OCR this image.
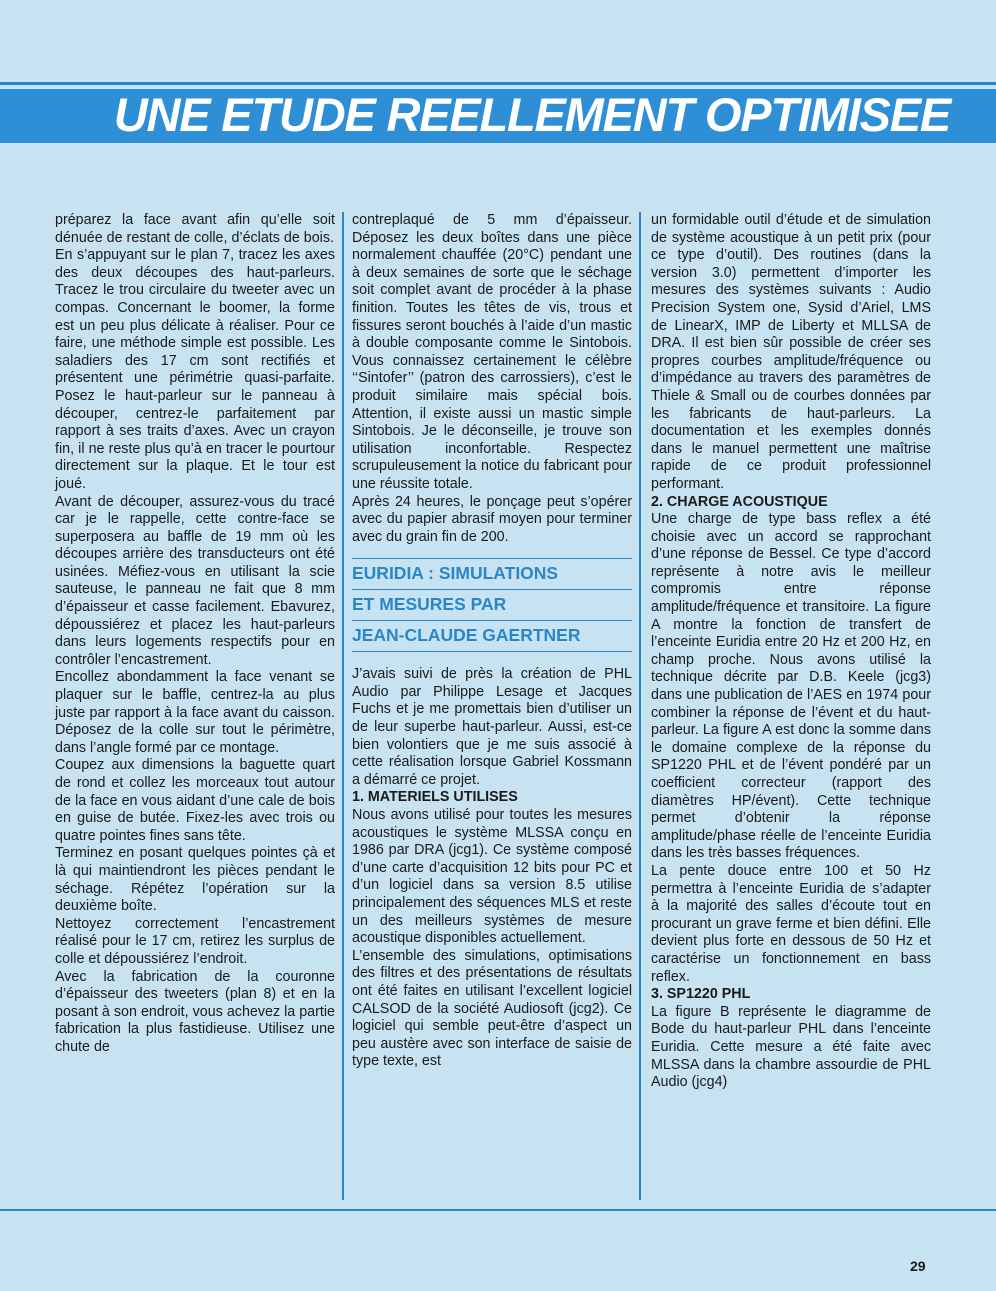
UNE ETUDE REELLEMENT OPTIMISEE

préparez la face avant afin qu’elle soit dénuée de restant de colle, d’éclats de bois.

En s’appuyant sur le plan 7, tracez les axes des deux découpes des haut-parleurs. Tracez le trou circulaire du tweeter avec un compas. Concernant le boomer, la forme est un peu plus délicate à réaliser. Pour ce faire, une méthode simple est possible. Les saladiers des 17 cm sont rectifiés et présentent une périmétrie quasi-parfaite. Posez le haut-parleur sur le panneau à découper, centrez-le parfaitement par rapport à ses traits d’axes. Avec un crayon fin, il ne reste plus qu’à en tracer le pourtour directement sur la plaque. Et le tour est joué.

Avant de découper, assurez-vous du tracé car je le rappelle, cette contre-face se superposera au baffle de 19 mm où les découpes arrière des transducteurs ont été usinées. Méfiez-vous en utilisant la scie sauteuse, le panneau ne fait que 8 mm d’épaisseur et casse facilement. Ebavurez, dépoussiérez et placez les haut-parleurs dans leurs logements respectifs pour en contrôler l’encastrement.

Encollez abondamment la face venant se plaquer sur le baffle, centrez-la au plus juste par rapport à la face avant du caisson. Déposez de la colle sur tout le périmètre, dans l’angle formé par ce montage.

Coupez aux dimensions la baguette quart de rond et collez les morceaux tout autour de la face en vous aidant d’une cale de bois en guise de butée. Fixez-les avec trois ou quatre pointes fines sans tête.

Terminez en posant quelques pointes çà et là qui maintiendront les pièces pendant le séchage. Répétez l’opération sur la deuxième boîte.

Nettoyez correctement l’encastrement réalisé pour le 17 cm, retirez les surplus de colle et dépoussiérez l’endroit.

Avec la fabrication de la couronne d’épaisseur des tweeters (plan 8) et en la posant à son endroit, vous achevez la partie fabrication la plus fastidieuse. Utilisez une chute de

contreplaqué de 5 mm d’épaisseur. Déposez les deux boîtes dans une pièce normalement chauffée (20°C) pendant une à deux semaines de sorte que le séchage soit complet avant de procéder à la phase finition. Toutes les têtes de vis, trous et fissures seront bouchés à l’aide d’un mastic à double composante comme le Sintobois. Vous connaissez certainement le célèbre ‘‘Sintofer’’ (patron des carrossiers), c’est le produit similaire mais spécial bois. Attention, il existe aussi un mastic simple Sintobois. Je le déconseille, je trouve son utilisation inconfortable. Respectez scrupuleusement la notice du fabricant pour une réussite totale.

Après 24 heures, le ponçage peut s’opérer avec du papier abrasif moyen pour terminer avec du grain fin de 200.

EURIDIA : SIMULATIONS
ET MESURES PAR
JEAN-CLAUDE GAERTNER

J’avais suivi de près la création de PHL Audio par Philippe Lesage et Jacques Fuchs et je me promettais bien d’utiliser un de leur superbe haut-parleur. Aussi, est-ce bien volontiers que je me suis associé à cette réalisation lorsque Gabriel Kossmann a démarré ce projet.

1. MATERIELS UTILISES

Nous avons utilisé pour toutes les mesures acoustiques le système MLSSA conçu en 1986 par DRA (jcg1). Ce système composé d’une carte d’acquisition 12 bits pour PC et d’un logiciel dans sa version 8.5 utilise principalement des séquences MLS et reste un des meilleurs systèmes de mesure acoustique disponibles actuellement.

L’ensemble des simulations, optimisations des filtres et des présentations de résultats ont été faites en utilisant l’excellent logiciel CALSOD de la société Audiosoft (jcg2). Ce logiciel qui semble peut-être d’aspect un peu austère avec son interface de saisie de type texte, est

un formidable outil d’étude et de simulation de système acoustique à un petit prix (pour ce type d’outil). Des routines (dans la version 3.0) permettent d’importer les mesures des systèmes suivants : Audio Precision System one, Sysid d’Ariel, LMS de LinearX, IMP de Liberty et MLLSA de DRA. Il est bien sûr possible de créer ses propres courbes amplitude/fréquence ou d’impédance au travers des paramètres de Thiele & Small ou de courbes données par les fabricants de haut-parleurs. La documentation et les exemples donnés dans le manuel permettent une maîtrise rapide de ce produit professionnel performant.

2. CHARGE ACOUSTIQUE

Une charge de type bass reflex a été choisie avec un accord se rapprochant d’une réponse de Bessel. Ce type d’accord représente à notre avis le meilleur compromis entre réponse amplitude/fréquence et transitoire. La figure A montre la fonction de transfert de l’enceinte Euridia entre 20 Hz et 200 Hz, en champ proche. Nous avons utilisé la technique décrite par D.B. Keele (jcg3) dans une publication de l’AES en 1974 pour combiner la réponse de l’évent et du haut-parleur. La figure A est donc la somme dans le domaine complexe de la réponse du SP1220 PHL et de l’évent pondéré par un coefficient correcteur (rapport des diamètres HP/évent). Cette technique permet d’obtenir la réponse amplitude/phase réelle de l’enceinte Euridia dans les très basses fréquences.

La pente douce entre 100 et 50 Hz permettra à l’enceinte Euridia de s’adapter à la majorité des salles d’écoute tout en procurant un grave ferme et bien défini. Elle devient plus forte en dessous de 50 Hz et caractérise un fonctionnement en bass reflex.

3. SP1220 PHL

La figure B représente le diagramme de Bode du haut-parleur PHL dans l’enceinte Euridia. Cette mesure a été faite avec MLSSA dans la chambre assourdie de PHL Audio (jcg4)

29
